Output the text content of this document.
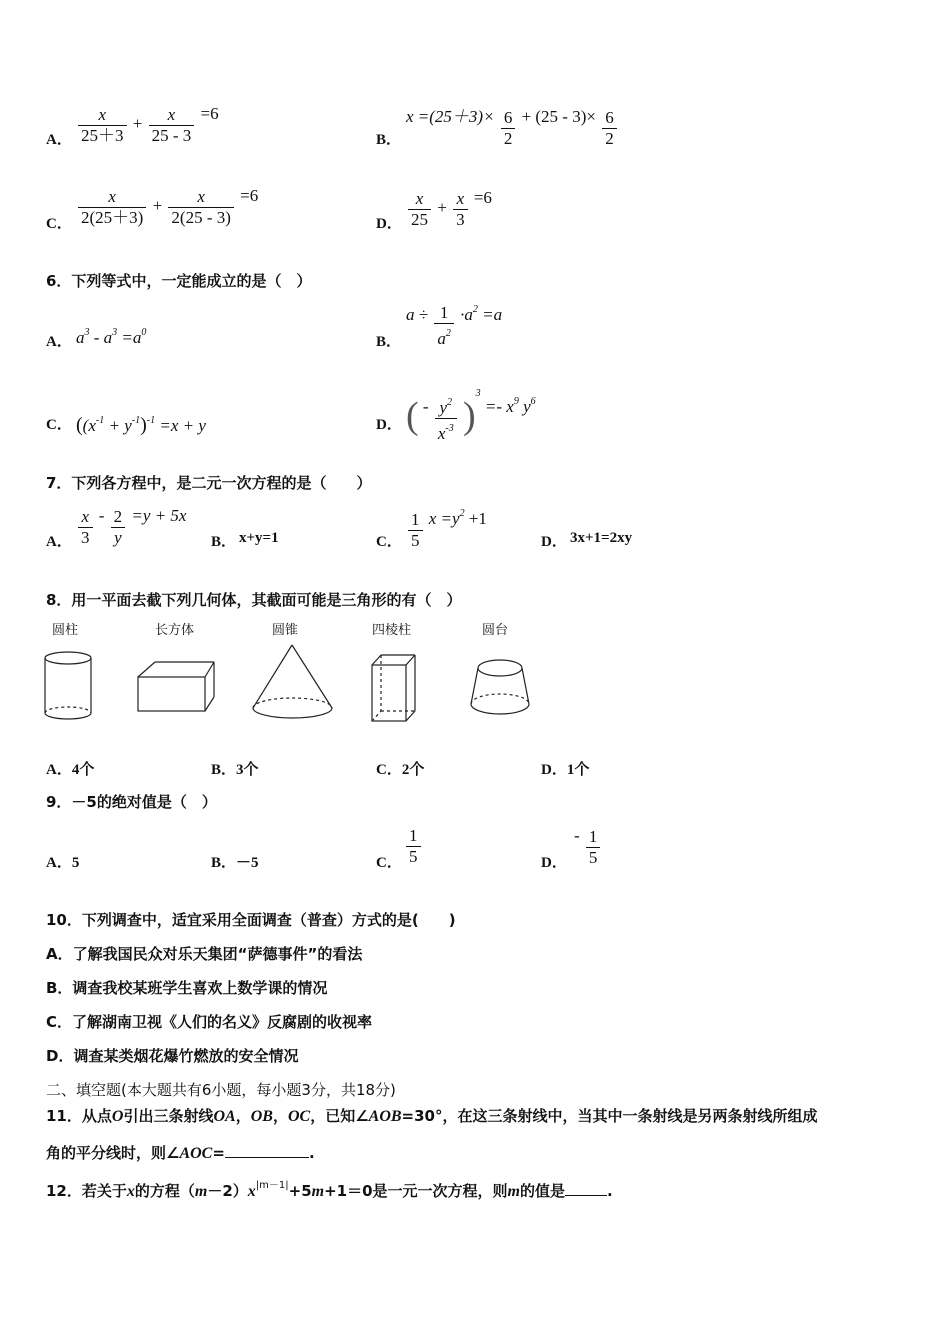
A． $\frac{x}{25+3} + \frac{x}{25 - 3} =6$
B．
$x =(25+3)\times \frac{6}{2} + (25 - 3)\times \frac{6}{2}$
C． $\frac{x}{2(25+3)} + \frac{x}{2(25 - 3)} =6$
D． $\frac{x}{25} + \frac{x}{3} =6$
6．下列等式中，一定能成立的是（　）
A． $a^3 - a^3 =a^0$
B．
$a \div \frac{1}{a^2} \cdot a^2 =a$
C． ($(x^{-1} + y^{-1})^{-1} =x + y$	D． ( - $\frac{y^2}{x^{-3}} )^3 =- x^9$ $y^6$
7．下列各方程中，是二元一次方程的是（　　）
A． $\frac{x}{3} - \frac{2}{y} =y + 5x$
B． x+y=1	C． $\frac{1}{5}$ $x =y^2 +1$
D． 3x+1=2xy
8．用一平面去截下列几何体，其截面可能是三角形的有（　）
圆柱	长方体	圆锥	四棱柱	圆台
A．4个	B．3个	C．2个	D．1个
9．－5的绝对值是（　）
A．5	B．－5	C． $\frac{1}{5}$	D．
- $\frac{1}{5}$
10．下列调查中，适宜采用全面调查（普查）方式的是(　　)
A．了解我国民众对乐天集团“萨德事件”的看法
B．调查我校某班学生喜欢上数学课的情况
C．了解湖南卫视《人们的名义》反腐剧的收视率
D．调查某类烟花爆竹燃放的安全情况
二、填空题(本大题共有6小题，每小题3分，共18分)
11．从点O引出三条射线OA，OB，OC，已知∠AOB=30°，在这三条射线中，当其中一条射线是另两条射线所组成
角的平分线时，则∠AOC=	.
12．若关于x的方程$(m-2)x^{|m-1|}+5m+1=0$是一元一次方程，则m的值是	.
